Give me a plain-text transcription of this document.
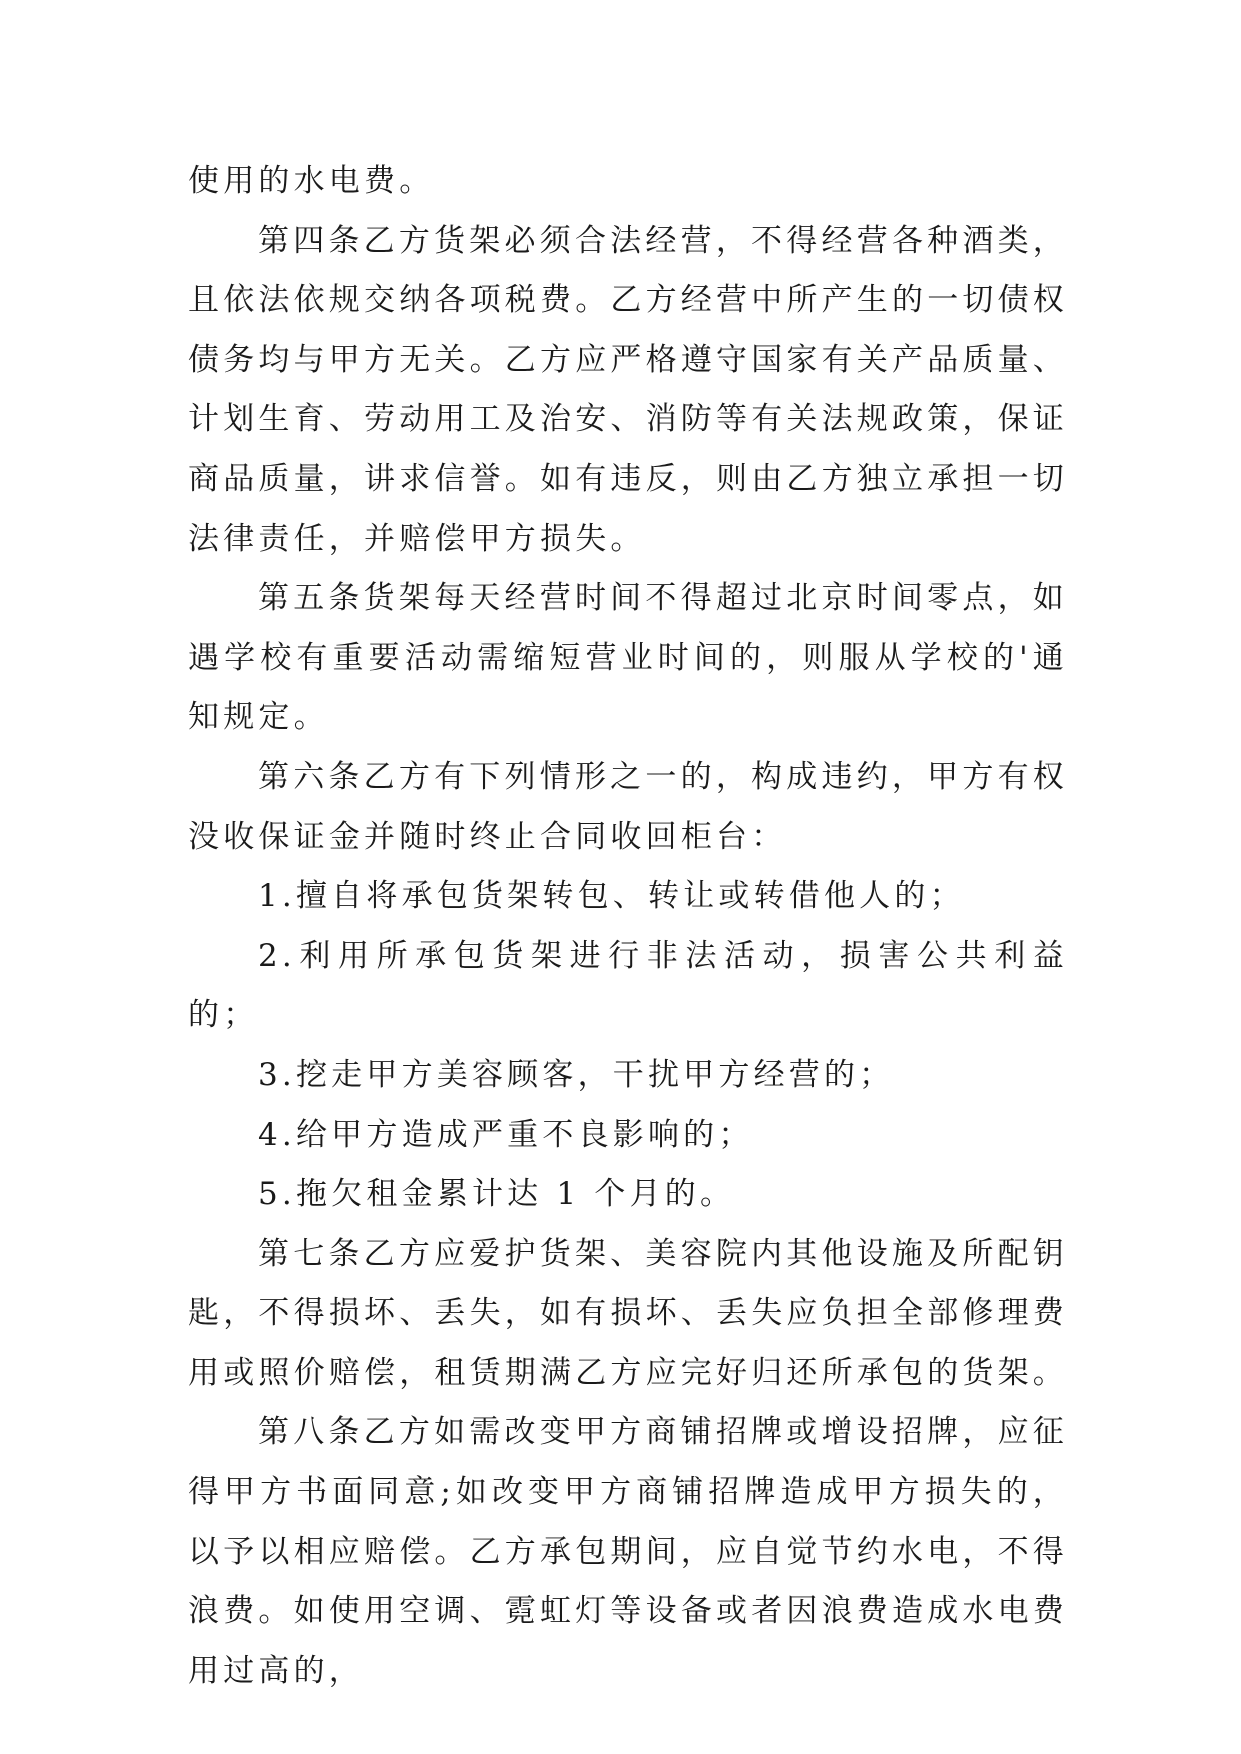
使用的水电费。

第四条乙方货架必须合法经营，不得经营各种酒类，且依法依规交纳各项税费。乙方经营中所产生的一切债权债务均与甲方无关。乙方应严格遵守国家有关产品质量、计划生育、劳动用工及治安、消防等有关法规政策，保证商品质量，讲求信誉。如有违反，则由乙方独立承担一切法律责任，并赔偿甲方损失。

第五条货架每天经营时间不得超过北京时间零点，如遇学校有重要活动需缩短营业时间的，则服从学校的'通知规定。

第六条乙方有下列情形之一的，构成违约，甲方有权没收保证金并随时终止合同收回柜台：

1.擅自将承包货架转包、转让或转借他人的；

2.利用所承包货架进行非法活动，损害公共利益的；

3.挖走甲方美容顾客，干扰甲方经营的；

4.给甲方造成严重不良影响的；

5.拖欠租金累计达 1 个月的。

第七条乙方应爱护货架、美容院内其他设施及所配钥匙，不得损坏、丢失，如有损坏、丢失应负担全部修理费用或照价赔偿，租赁期满乙方应完好归还所承包的货架。

第八条乙方如需改变甲方商铺招牌或增设招牌，应征得甲方书面同意;如改变甲方商铺招牌造成甲方损失的，以予以相应赔偿。乙方承包期间，应自觉节约水电，不得浪费。如使用空调、霓虹灯等设备或者因浪费造成水电费用过高的，
